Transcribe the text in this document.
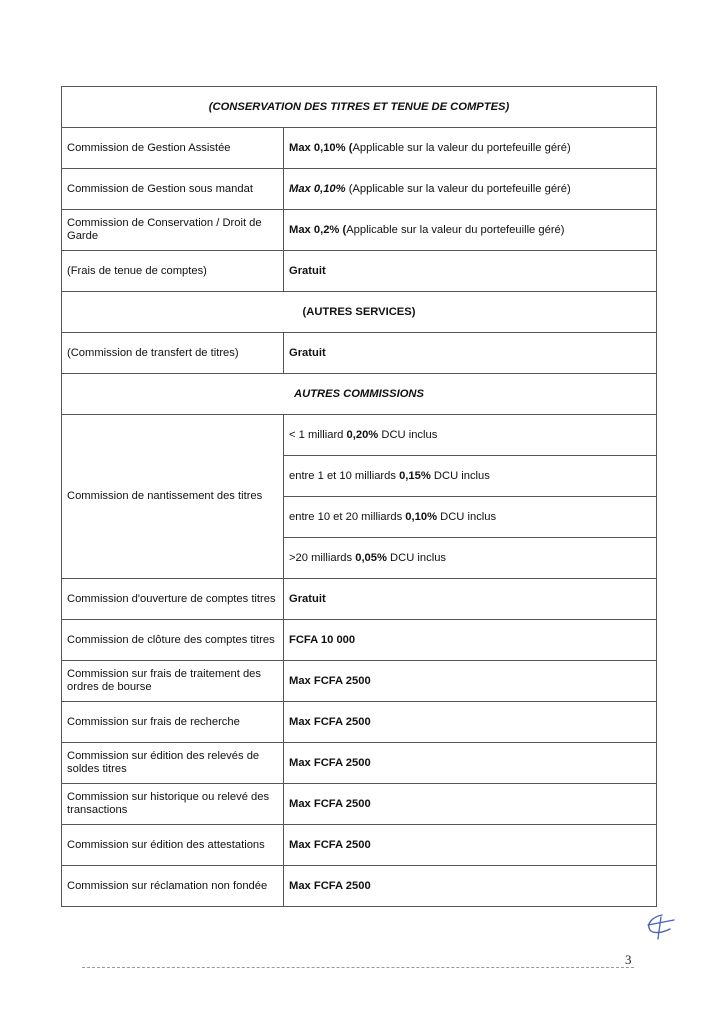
(CONSERVATION DES TITRES ET TENUE DE COMPTES)	
Commission de Gestion Assistée	Max 0,10% (Applicable sur la valeur du portefeuille géré)
Commission de Gestion sous mandat	Max 0,10% (Applicable sur la valeur du portefeuille géré)
Commission de Conservation / Droit de Garde	Max 0,2% (Applicable sur la valeur du portefeuille géré)
(Frais de tenue de comptes)	Gratuit
(AUTRES SERVICES)	
(Commission de transfert de titres)	Gratuit
AUTRES COMMISSIONS	
Commission de nantissement des titres	< 1 milliard 0,20% DCU inclus
	entre 1 et 10 milliards 0,15% DCU inclus
	entre 10 et 20 milliards 0,10% DCU inclus
	>20 milliards 0,05% DCU inclus
Commission d'ouverture de comptes titres	Gratuit
Commission de clôture des comptes titres	FCFA 10 000
Commission sur frais de traitement des ordres de bourse	Max FCFA 2500
Commission sur frais de recherche	Max FCFA 2500
Commission sur édition des relevés de soldes titres	Max FCFA 2500
Commission sur historique ou relevé des transactions	Max FCFA 2500
Commission sur édition des attestations	Max FCFA 2500
Commission sur réclamation non fondée	Max FCFA 2500
3
